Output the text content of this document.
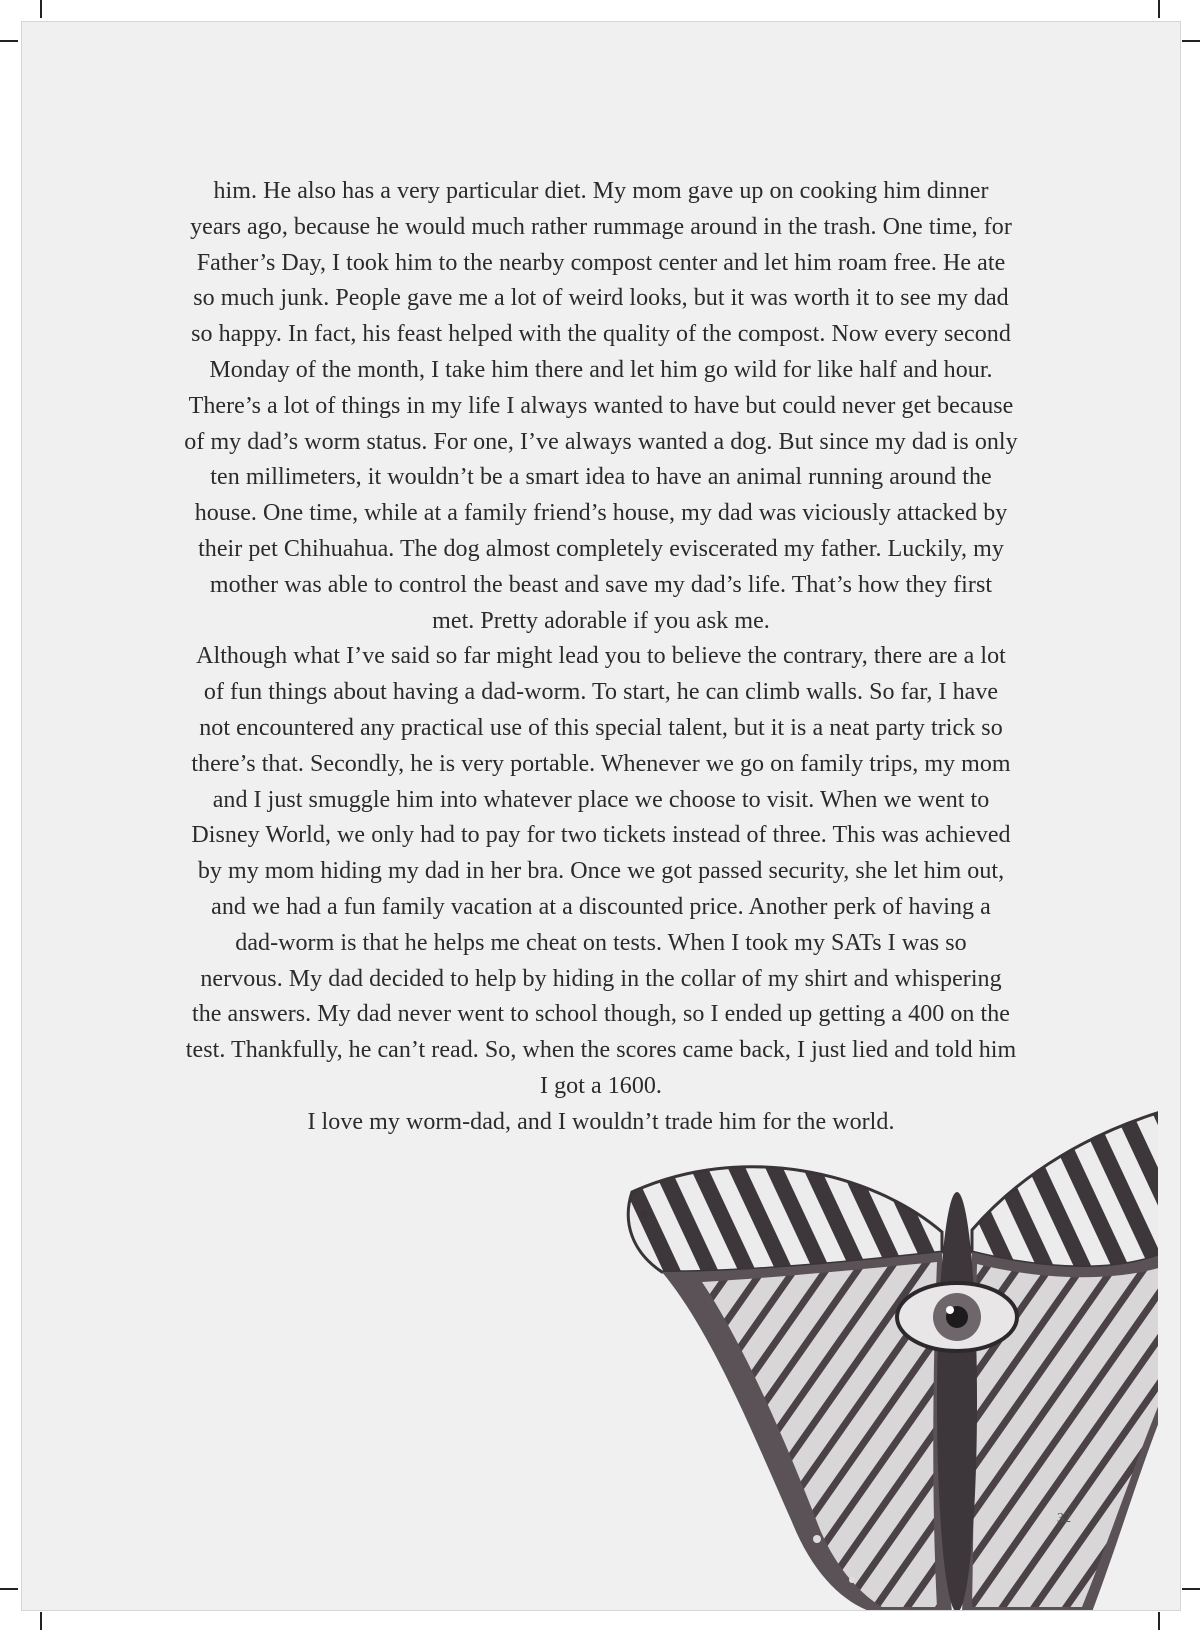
him. He also has a very particular diet. My mom gave up on cooking him dinner
years ago, because he would much rather rummage around in the trash. One time, for
Father’s Day, I took him to the nearby compost center and let him roam free. He ate
so much junk. People gave me a lot of weird looks, but it was worth it to see my dad
so happy. In fact, his feast helped with the quality of the compost. Now every second
Monday of the month, I take him there and let him go wild for like half and hour.
There’s a lot of things in my life I always wanted to have but could never get because
of my dad’s worm status. For one, I’ve always wanted a dog. But since my dad is only
ten millimeters, it wouldn’t be a smart idea to have an animal running around the
house. One time, while at a family friend’s house, my dad was viciously attacked by
their pet Chihuahua. The dog almost completely eviscerated my father. Luckily, my
mother was able to control the beast and save my dad’s life. That’s how they first
met. Pretty adorable if you ask me.
Although what I’ve said so far might lead you to believe the contrary, there are a lot
of fun things about having a dad-worm. To start, he can climb walls. So far, I have
not encountered any practical use of this special talent, but it is a neat party trick so
there’s that. Secondly, he is very portable. Whenever we go on family trips, my mom
and I just smuggle him into whatever place we choose to visit. When we went to
Disney World, we only had to pay for two tickets instead of three. This was achieved
by my mom hiding my dad in her bra. Once we got passed security, she let him out,
and we had a fun family vacation at a discounted price. Another perk of having a
dad-worm is that he helps me cheat on tests. When I took my SATs I was so
nervous. My dad decided to help by hiding in the collar of my shirt and whispering
the answers. My dad never went to school though, so I ended up getting a 400 on the
test. Thankfully, he can’t read. So, when the scores came back, I just lied and told him
I got a 1600.
I love my worm-dad, and I wouldn’t trade him for the world.
32
